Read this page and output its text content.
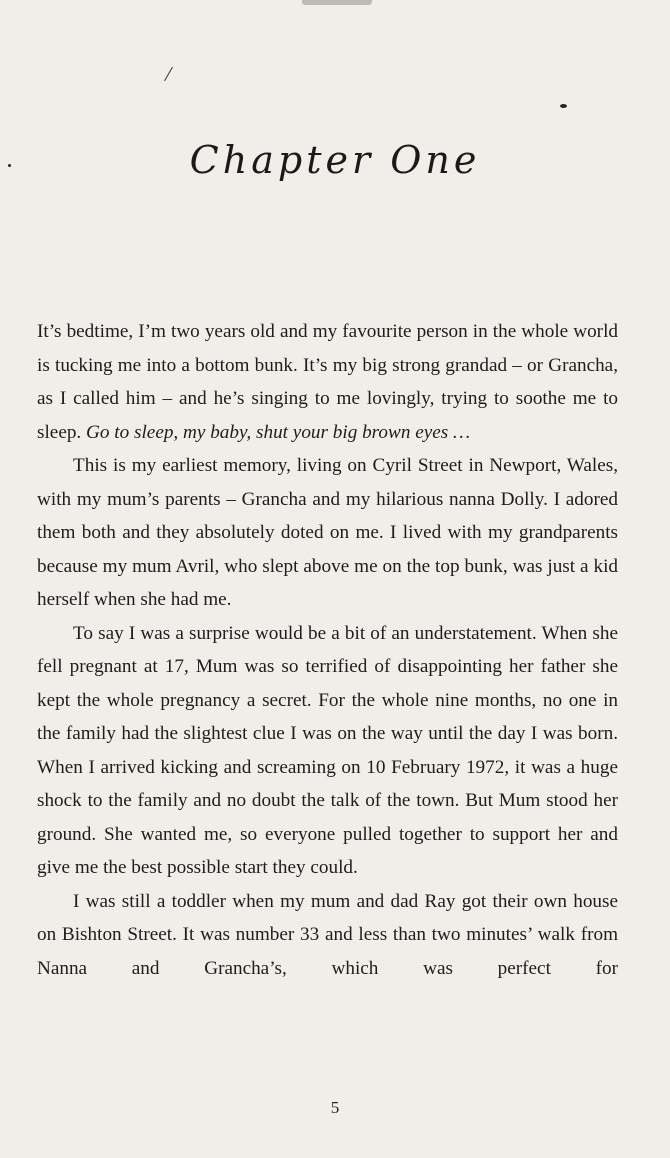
Chapter One

It’s bedtime, I’m two years old and my favourite person in the whole world is tucking me into a bottom bunk. It’s my big strong grandad – or Grancha, as I called him – and he’s singing to me lovingly, trying to soothe me to sleep. Go to sleep, my baby, shut your big brown eyes …

This is my earliest memory, living on Cyril Street in Newport, Wales, with my mum’s parents – Grancha and my hilarious nanna Dolly. I adored them both and they absolutely doted on me. I lived with my grandparents because my mum Avril, who slept above me on the top bunk, was just a kid herself when she had me.

To say I was a surprise would be a bit of an understatement. When she fell pregnant at 17, Mum was so terrified of disappointing her father she kept the whole pregnancy a secret. For the whole nine months, no one in the family had the slightest clue I was on the way until the day I was born. When I arrived kicking and screaming on 10 February 1972, it was a huge shock to the family and no doubt the talk of the town. But Mum stood her ground. She wanted me, so everyone pulled together to support her and give me the best possible start they could.

I was still a toddler when my mum and dad Ray got their own house on Bishton Street. It was number 33 and less than two minutes’ walk from Nanna and Grancha’s, which was perfect for

5
